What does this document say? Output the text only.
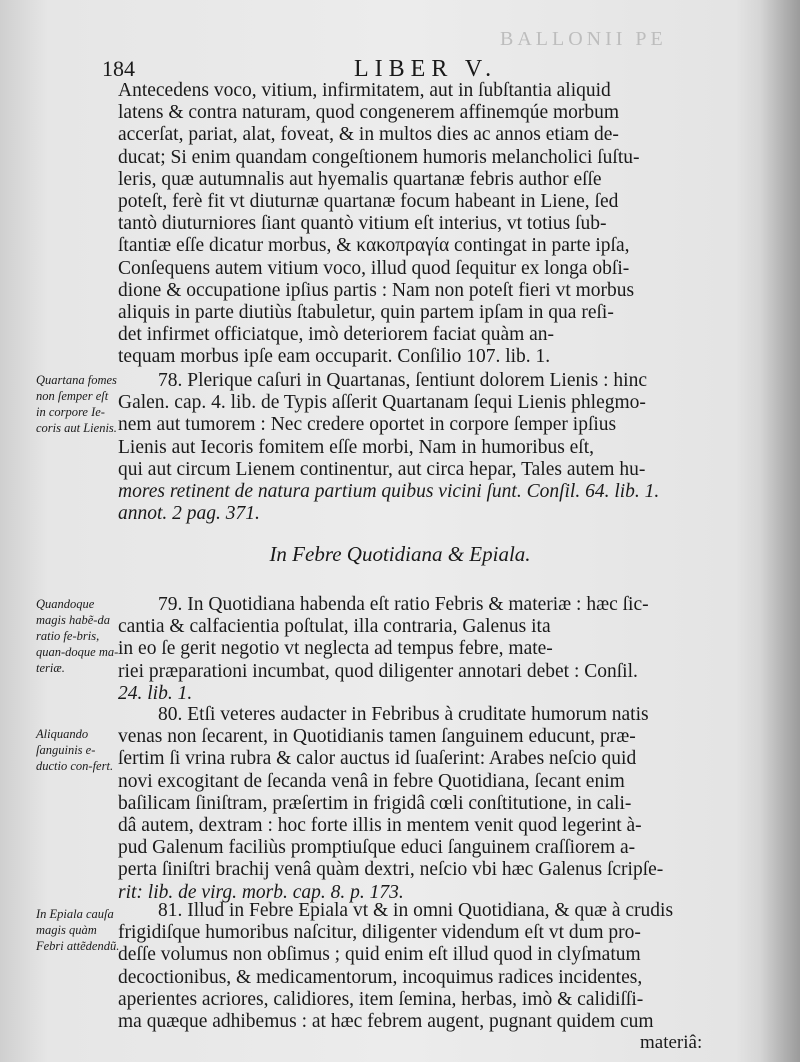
BALLONII PE
184	LIBER V.

Antecedens voco, vitium, infirmitatem, aut in ſubſtantia aliquid

latens & contra naturam, quod congenerem affinemqúe morbum

accerſat, pariat, alat, foveat, & in multos dies ac annos etiam de-

ducat; Si enim quandam congeſtionem humoris melancholici ſuſtu-

leris, quæ autumnalis aut hyemalis quartanæ febris author eſſe

poteſt, ferè fit vt diuturnæ quartanæ focum habeant in Liene, ſed

tantò diuturniores ſiant quantò vitium eſt interius, vt totius ſub-

ſtantiæ eſſe dicatur morbus, & κακοπραγία contingat in parte ipſa,

Conſequens autem vitium voco, illud quod ſequitur ex longa obſi-

dione & occupatione ipſius partis : Nam non poteſt fieri vt morbus

aliquis in parte diutiùs ſtabuletur, quin partem ipſam in qua reſi-

det infirmet officiatque, imò deteriorem faciat quàm an-

tequam morbus ipſe eam occuparit. Conſilio 107. lib. 1.

Quartana fomes non ſemper eſt in corpore Ie-coris aut Lienis.

78. Plerique caſuri in Quartanas, ſentiunt dolorem Lienis : hinc

Galen. cap. 4. lib. de Typis aſſerit Quartanam ſequi Lienis phlegmo-

nem aut tumorem : Nec credere oportet in corpore ſemper ipſius

Lienis aut Iecoris fomitem eſſe morbi, Nam in humoribus eſt,

qui aut circum Lienem continentur, aut circa hepar, Tales autem hu-

mores retinent de natura partium quibus vicini ſunt. Conſil. 64. lib. 1.

annot. 2 pag. 371.

In Febre Quotidiana & Epiala.
Quandoque magis habẽ-da ratio fe-bris, quan-doque ma-teriæ.

79. In Quotidiana habenda eſt ratio Febris & materiæ : hæc ſic-

cantia & calfacientia poſtulat, illa contraria, Galenus ita

in eo ſe gerit negotio vt neglecta ad tempus febre, mate-

riei præparationi incumbat, quod diligenter annotari debet : Conſil.

24. lib. 1.

Aliquando ſanguinis e-ductio con-fert.

80. Etſi veteres audacter in Febribus à cruditate humorum natis

venas non ſecarent, in Quotidianis tamen ſanguinem educunt, præ-

ſertim ſi vrina rubra & calor auctus id ſuaſerint: Arabes neſcio quid

novi excogitant de ſecanda venâ in febre Quotidiana, ſecant enim

baſilicam ſiniſtram, præſertim in frigidâ cœli conſtitutione, in cali-

dâ autem, dextram : hoc forte illis in mentem venit quod legerint à-

pud Galenum faciliùs promptiuſque educi ſanguinem craſſiorem a-

perta ſiniſtri brachij venâ quàm dextri, neſcio vbi hæc Galenus ſcripſe-

rit: lib. de virg. morb. cap. 8. p. 173.

In Epiala cauſa magis quàm Febri attẽdendũ.

81. Illud in Febre Epiala vt & in omni Quotidiana, & quæ à crudis

frigidiſque humoribus naſcitur, diligenter videndum eſt vt dum pro-

deſſe volumus non obſimus ; quid enim eſt illud quod in clyſmatum

decoctionibus, & medicamentorum, incoquimus radices incidentes,

aperientes acriores, calidiores, item ſemina, herbas, imò & calidiſſi-

ma quæque adhibemus : at hæc febrem augent, pugnant quidem cum

materiâ:
